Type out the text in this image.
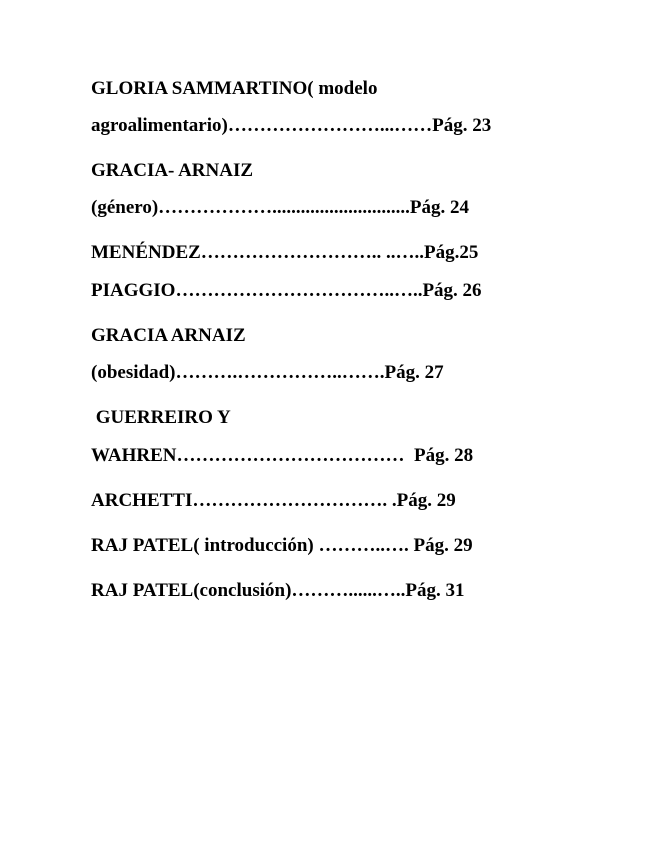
GLORIA SAMMARTINO( modelo
agroalimentario)……………………...……Pág. 23
GRACIA- ARNAIZ
(género)……………….............................Pág. 24
MENÉNDEZ……………………….. ..…..Pág.25
PIAGGIO……………………………..…..Pág. 26
GRACIA ARNAIZ
(obesidad)……….……………..…….Pág. 27
GUERREIRO Y
WAHREN………………………………  Pág. 28
ARCHETTI…………………………. .Pág. 29
RAJ PATEL( introducción) ………..…. Pág. 29
RAJ PATEL(conclusión)………......…..Pág. 31
